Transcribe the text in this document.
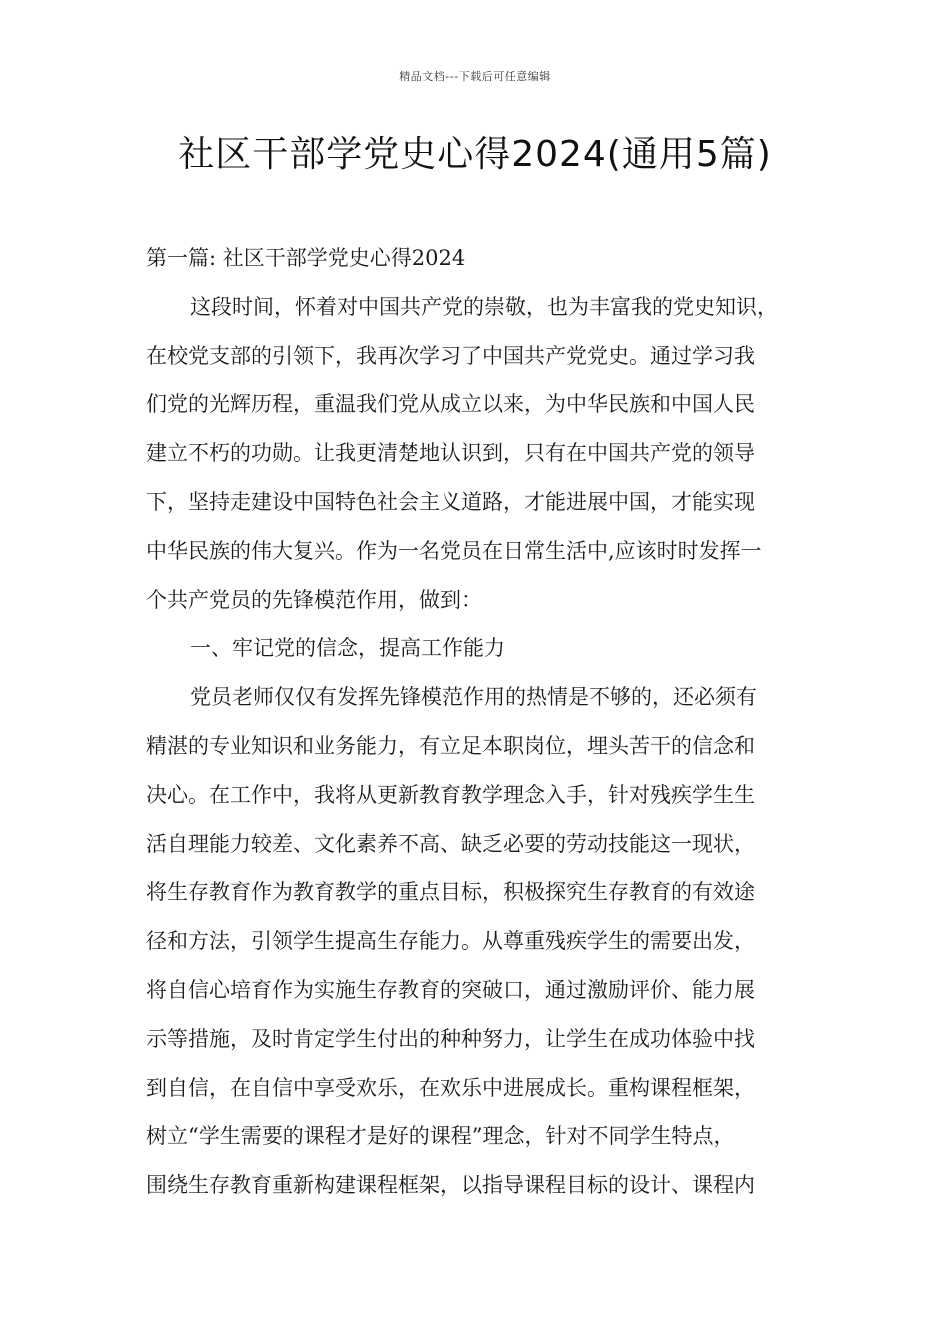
精品文档---下载后可任意编辑
社区干部学党史心得2024(通用5篇)

第一篇: 社区干部学党史心得2024

这段时间，怀着对中国共产党的崇敬，也为丰富我的党史知识，

在校党支部的引领下，我再次学习了中国共产党党史。通过学习我

们党的光辉历程，重温我们党从成立以来，为中华民族和中国人民

建立不朽的功勋。让我更清楚地认识到，只有在中国共产党的领导

下，坚持走建设中国特色社会主义道路，才能进展中国，才能实现

中华民族的伟大复兴。作为一名党员在日常生活中,应该时时发挥一

个共产党员的先锋模范作用，做到：

一、牢记党的信念，提高工作能力

党员老师仅仅有发挥先锋模范作用的热情是不够的，还必须有

精湛的专业知识和业务能力，有立足本职岗位，埋头苦干的信念和

决心。在工作中，我将从更新教育教学理念入手，针对残疾学生生

活自理能力较差、文化素养不高、缺乏必要的劳动技能这一现状，

将生存教育作为教育教学的重点目标，积极探究生存教育的有效途

径和方法，引领学生提高生存能力。从尊重残疾学生的需要出发，

将自信心培育作为实施生存教育的突破口，通过激励评价、能力展

示等措施，及时肯定学生付出的种种努力，让学生在成功体验中找

到自信，在自信中享受欢乐，在欢乐中进展成长。重构课程框架，

树立“学生需要的课程才是好的课程”理念，针对不同学生特点，

围绕生存教育重新构建课程框架，以指导课程目标的设计、课程内
